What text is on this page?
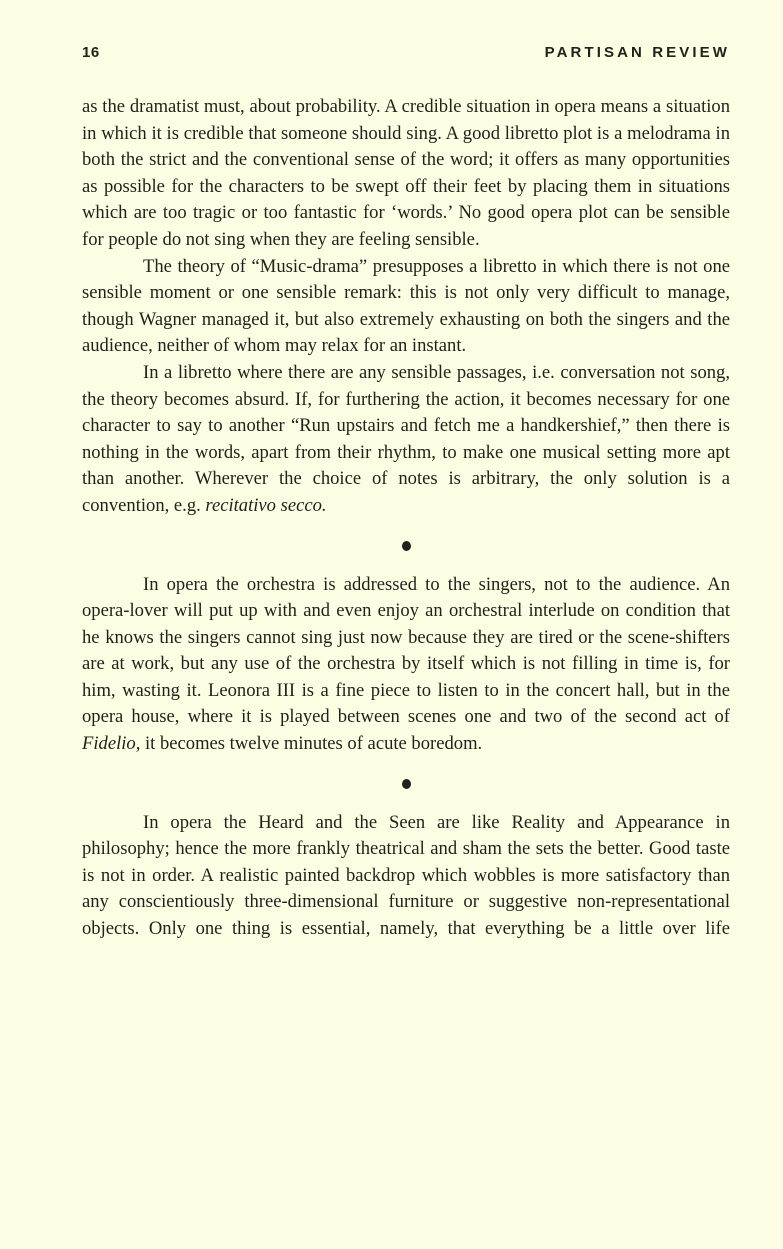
16	PARTISAN REVIEW

as the dramatist must, about probability. A credible situation in opera means a situation in which it is credible that someone should sing. A good libretto plot is a melodrama in both the strict and the conventional sense of the word; it offers as many opportunities as possible for the characters to be swept off their feet by placing them in situations which are too tragic or too fantastic for ‘words.’ No good opera plot can be sensible for people do not sing when they are feeling sensible.

The theory of “Music-drama” presupposes a libretto in which there is not one sensible moment or one sensible remark: this is not only very difficult to manage, though Wagner managed it, but also extremely exhausting on both the singers and the audience, neither of whom may relax for an instant.

In a libretto where there are any sensible passages, i.e. conversation not song, the theory becomes absurd. If, for furthering the action, it becomes necessary for one character to say to another “Run upstairs and fetch me a handkershief,” then there is nothing in the words, apart from their rhythm, to make one musical setting more apt than another. Wherever the choice of notes is arbitrary, the only solution is a convention, e.g. recitativo secco.

In opera the orchestra is addressed to the singers, not to the audience. An opera-lover will put up with and even enjoy an orchestral interlude on condition that he knows the singers cannot sing just now because they are tired or the scene-shifters are at work, but any use of the orchestra by itself which is not filling in time is, for him, wasting it. Leonora III is a fine piece to listen to in the concert hall, but in the opera house, where it is played between scenes one and two of the second act of Fidelio, it becomes twelve minutes of acute boredom.

In opera the Heard and the Seen are like Reality and Appearance in philosophy; hence the more frankly theatrical and sham the sets the better. Good taste is not in order. A realistic painted backdrop which wobbles is more satisfactory than any conscientiously three-dimensional furniture or suggestive non-representational objects. Only one thing is essential, namely, that everything be a little over life
